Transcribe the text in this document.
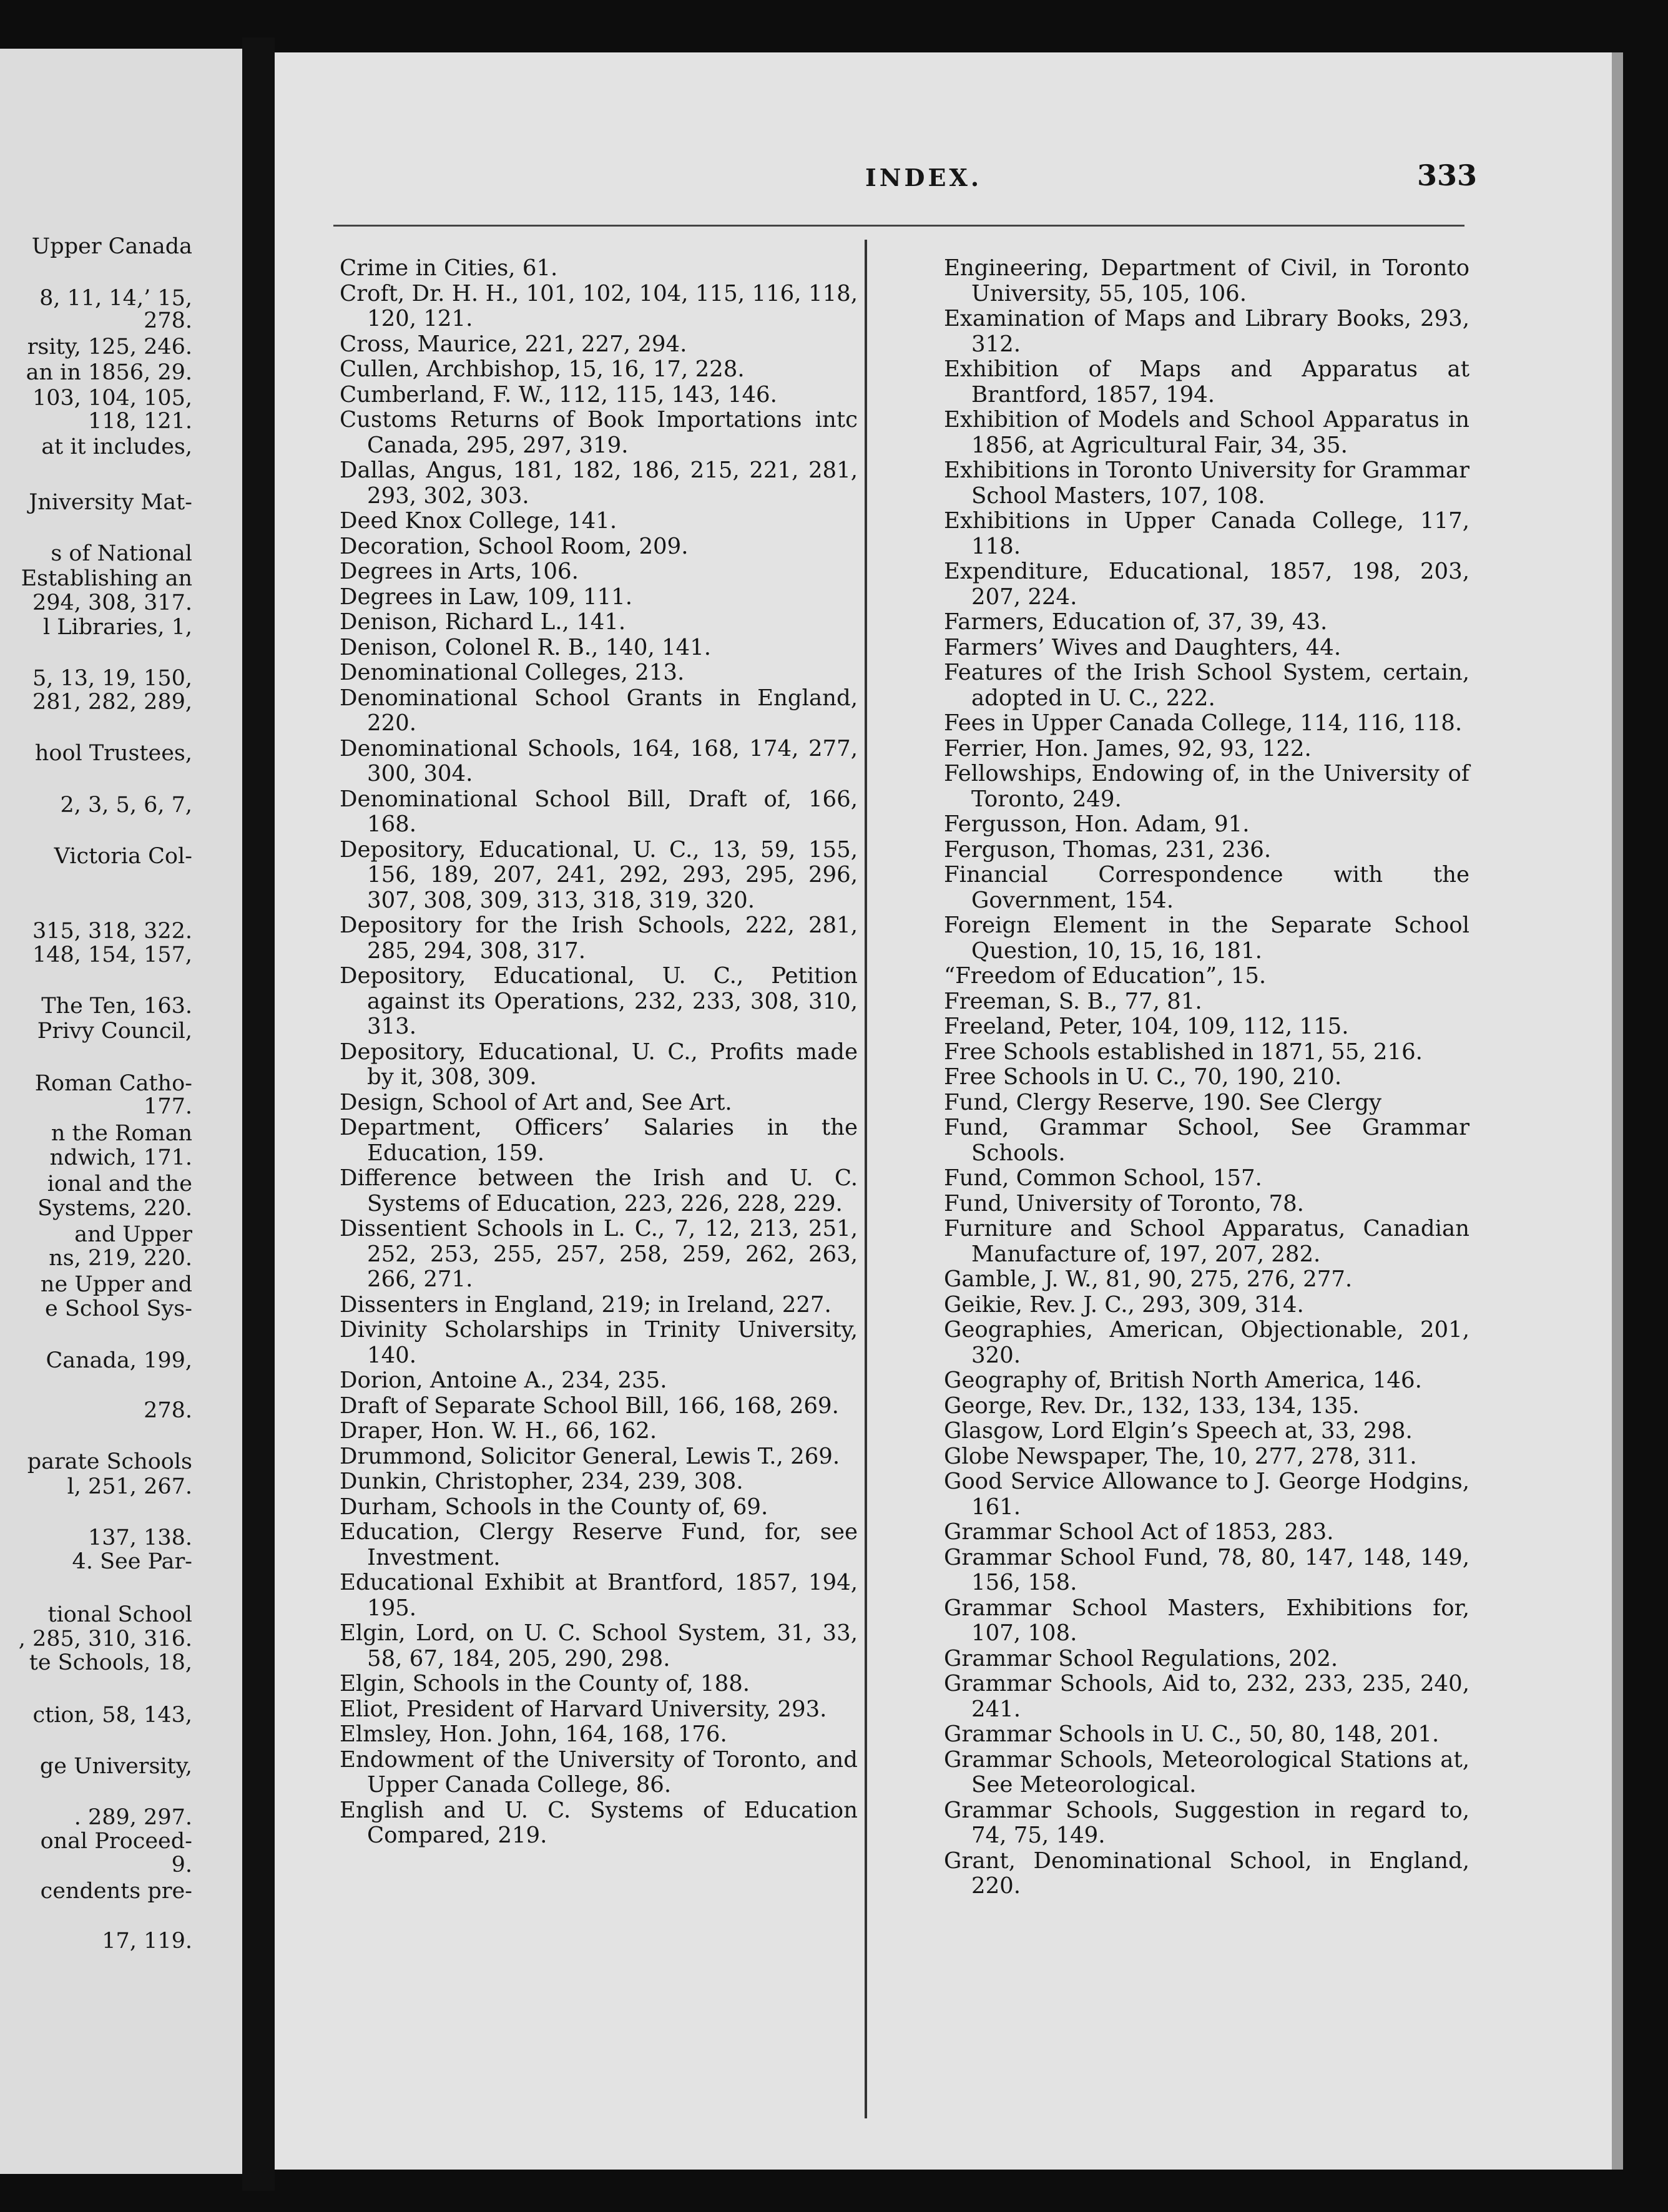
Upper Canada
8, 11, 14,’ 15,
278.
rsity, 125, 246.
an in 1856, 29.
103, 104, 105,
118, 121.
at it includes,
Jniversity Mat-
s of National
Establishing an
294, 308, 317.
l Libraries, 1,
5, 13, 19, 150,
281, 282, 289,
hool Trustees,
2, 3, 5, 6, 7,
Victoria Col-
315, 318, 322.
148, 154, 157,
The Ten, 163.
Privy Council,
Roman Catho-
177.
n the Roman
ndwich, 171.
ional and the
Systems, 220.
and Upper
ns, 219, 220.
ne Upper and
e School Sys-
Canada, 199,
278.
parate Schools
l, 251, 267.
137, 138.
4. See Par-
tional School
, 285, 310, 316.
te Schools, 18,
ction, 58, 143,
ge University,
. 289, 297.
onal Proceed-
9.
cendents pre-
17, 119.
INDEX.	333

Crime in Cities, 61.

Croft, Dr. H. H., 101, 102, 104, 115, 116, 118, 120, 121.

Cross, Maurice, 221, 227, 294.

Cullen, Archbishop, 15, 16, 17, 228.

Cumberland, F. W., 112, 115, 143, 146.

Customs Returns of Book Importations intc Canada, 295, 297, 319.

Dallas, Angus, 181, 182, 186, 215, 221, 281, 293, 302, 303.

Deed Knox College, 141.

Decoration, School Room, 209.

Degrees in Arts, 106.

Degrees in Law, 109, 111.

Denison, Richard L., 141.

Denison, Colonel R. B., 140, 141.

Denominational Colleges, 213.

Denominational School Grants in England, 220.

Denominational Schools, 164, 168, 174, 277, 300, 304.

Denominational School Bill, Draft of, 166, 168.

Depository, Educational, U. C., 13, 59, 155, 156, 189, 207, 241, 292, 293, 295, 296, 307, 308, 309, 313, 318, 319, 320.

Depository for the Irish Schools, 222, 281, 285, 294, 308, 317.

Depository, Educational, U. C., Petition against its Operations, 232, 233, 308, 310, 313.

Depository, Educational, U. C., Profits made by it, 308, 309.

Design, School of Art and, See Art.

Department, Officers’ Salaries in the Education, 159.

Difference between the Irish and U. C. Systems of Education, 223, 226, 228, 229.

Dissentient Schools in L. C., 7, 12, 213, 251, 252, 253, 255, 257, 258, 259, 262, 263, 266, 271.

Dissenters in England, 219; in Ireland, 227.

Divinity Scholarships in Trinity University, 140.

Dorion, Antoine A., 234, 235.

Draft of Separate School Bill, 166, 168, 269.

Draper, Hon. W. H., 66, 162.

Drummond, Solicitor General, Lewis T., 269.

Dunkin, Christopher, 234, 239, 308.

Durham, Schools in the County of, 69.

Education, Clergy Reserve Fund, for, see Investment.

Educational Exhibit at Brantford, 1857, 194, 195.

Elgin, Lord, on U. C. School System, 31, 33, 58, 67, 184, 205, 290, 298.

Elgin, Schools in the County of, 188.

Eliot, President of Harvard University, 293.

Elmsley, Hon. John, 164, 168, 176.

Endowment of the University of Toronto, and Upper Canada College, 86.

English and U. C. Systems of Education Compared, 219.

Engineering, Department of Civil, in Toronto University, 55, 105, 106.

Examination of Maps and Library Books, 293, 312.

Exhibition of Maps and Apparatus at Brantford, 1857, 194.

Exhibition of Models and School Apparatus in 1856, at Agricultural Fair, 34, 35.

Exhibitions in Toronto University for Grammar School Masters, 107, 108.

Exhibitions in Upper Canada College, 117, 118.

Expenditure, Educational, 1857, 198, 203, 207, 224.

Farmers, Education of, 37, 39, 43.

Farmers’ Wives and Daughters, 44.

Features of the Irish School System, certain, adopted in U. C., 222.

Fees in Upper Canada College, 114, 116, 118.

Ferrier, Hon. James, 92, 93, 122.

Fellowships, Endowing of, in the University of Toronto, 249.

Fergusson, Hon. Adam, 91.

Ferguson, Thomas, 231, 236.

Financial Correspondence with the Government, 154.

Foreign Element in the Separate School Question, 10, 15, 16, 181.

“Freedom of Education”, 15.

Freeman, S. B., 77, 81.

Freeland, Peter, 104, 109, 112, 115.

Free Schools established in 1871, 55, 216.

Free Schools in U. C., 70, 190, 210.

Fund, Clergy Reserve, 190. See Clergy

Fund, Grammar School, See Grammar Schools.

Fund, Common School, 157.

Fund, University of Toronto, 78.

Furniture and School Apparatus, Canadian Manufacture of, 197, 207, 282.

Gamble, J. W., 81, 90, 275, 276, 277.

Geikie, Rev. J. C., 293, 309, 314.

Geographies, American, Objectionable, 201, 320.

Geography of, British North America, 146.

George, Rev. Dr., 132, 133, 134, 135.

Glasgow, Lord Elgin’s Speech at, 33, 298.

Globe Newspaper, The, 10, 277, 278, 311.

Good Service Allowance to J. George Hodgins, 161.

Grammar School Act of 1853, 283.

Grammar School Fund, 78, 80, 147, 148, 149, 156, 158.

Grammar School Masters, Exhibitions for, 107, 108.

Grammar School Regulations, 202.

Grammar Schools, Aid to, 232, 233, 235, 240, 241.

Grammar Schools in U. C., 50, 80, 148, 201.

Grammar Schools, Meteorological Stations at, See Meteorological.

Grammar Schools, Suggestion in regard to, 74, 75, 149.

Grant, Denominational School, in England, 220.
